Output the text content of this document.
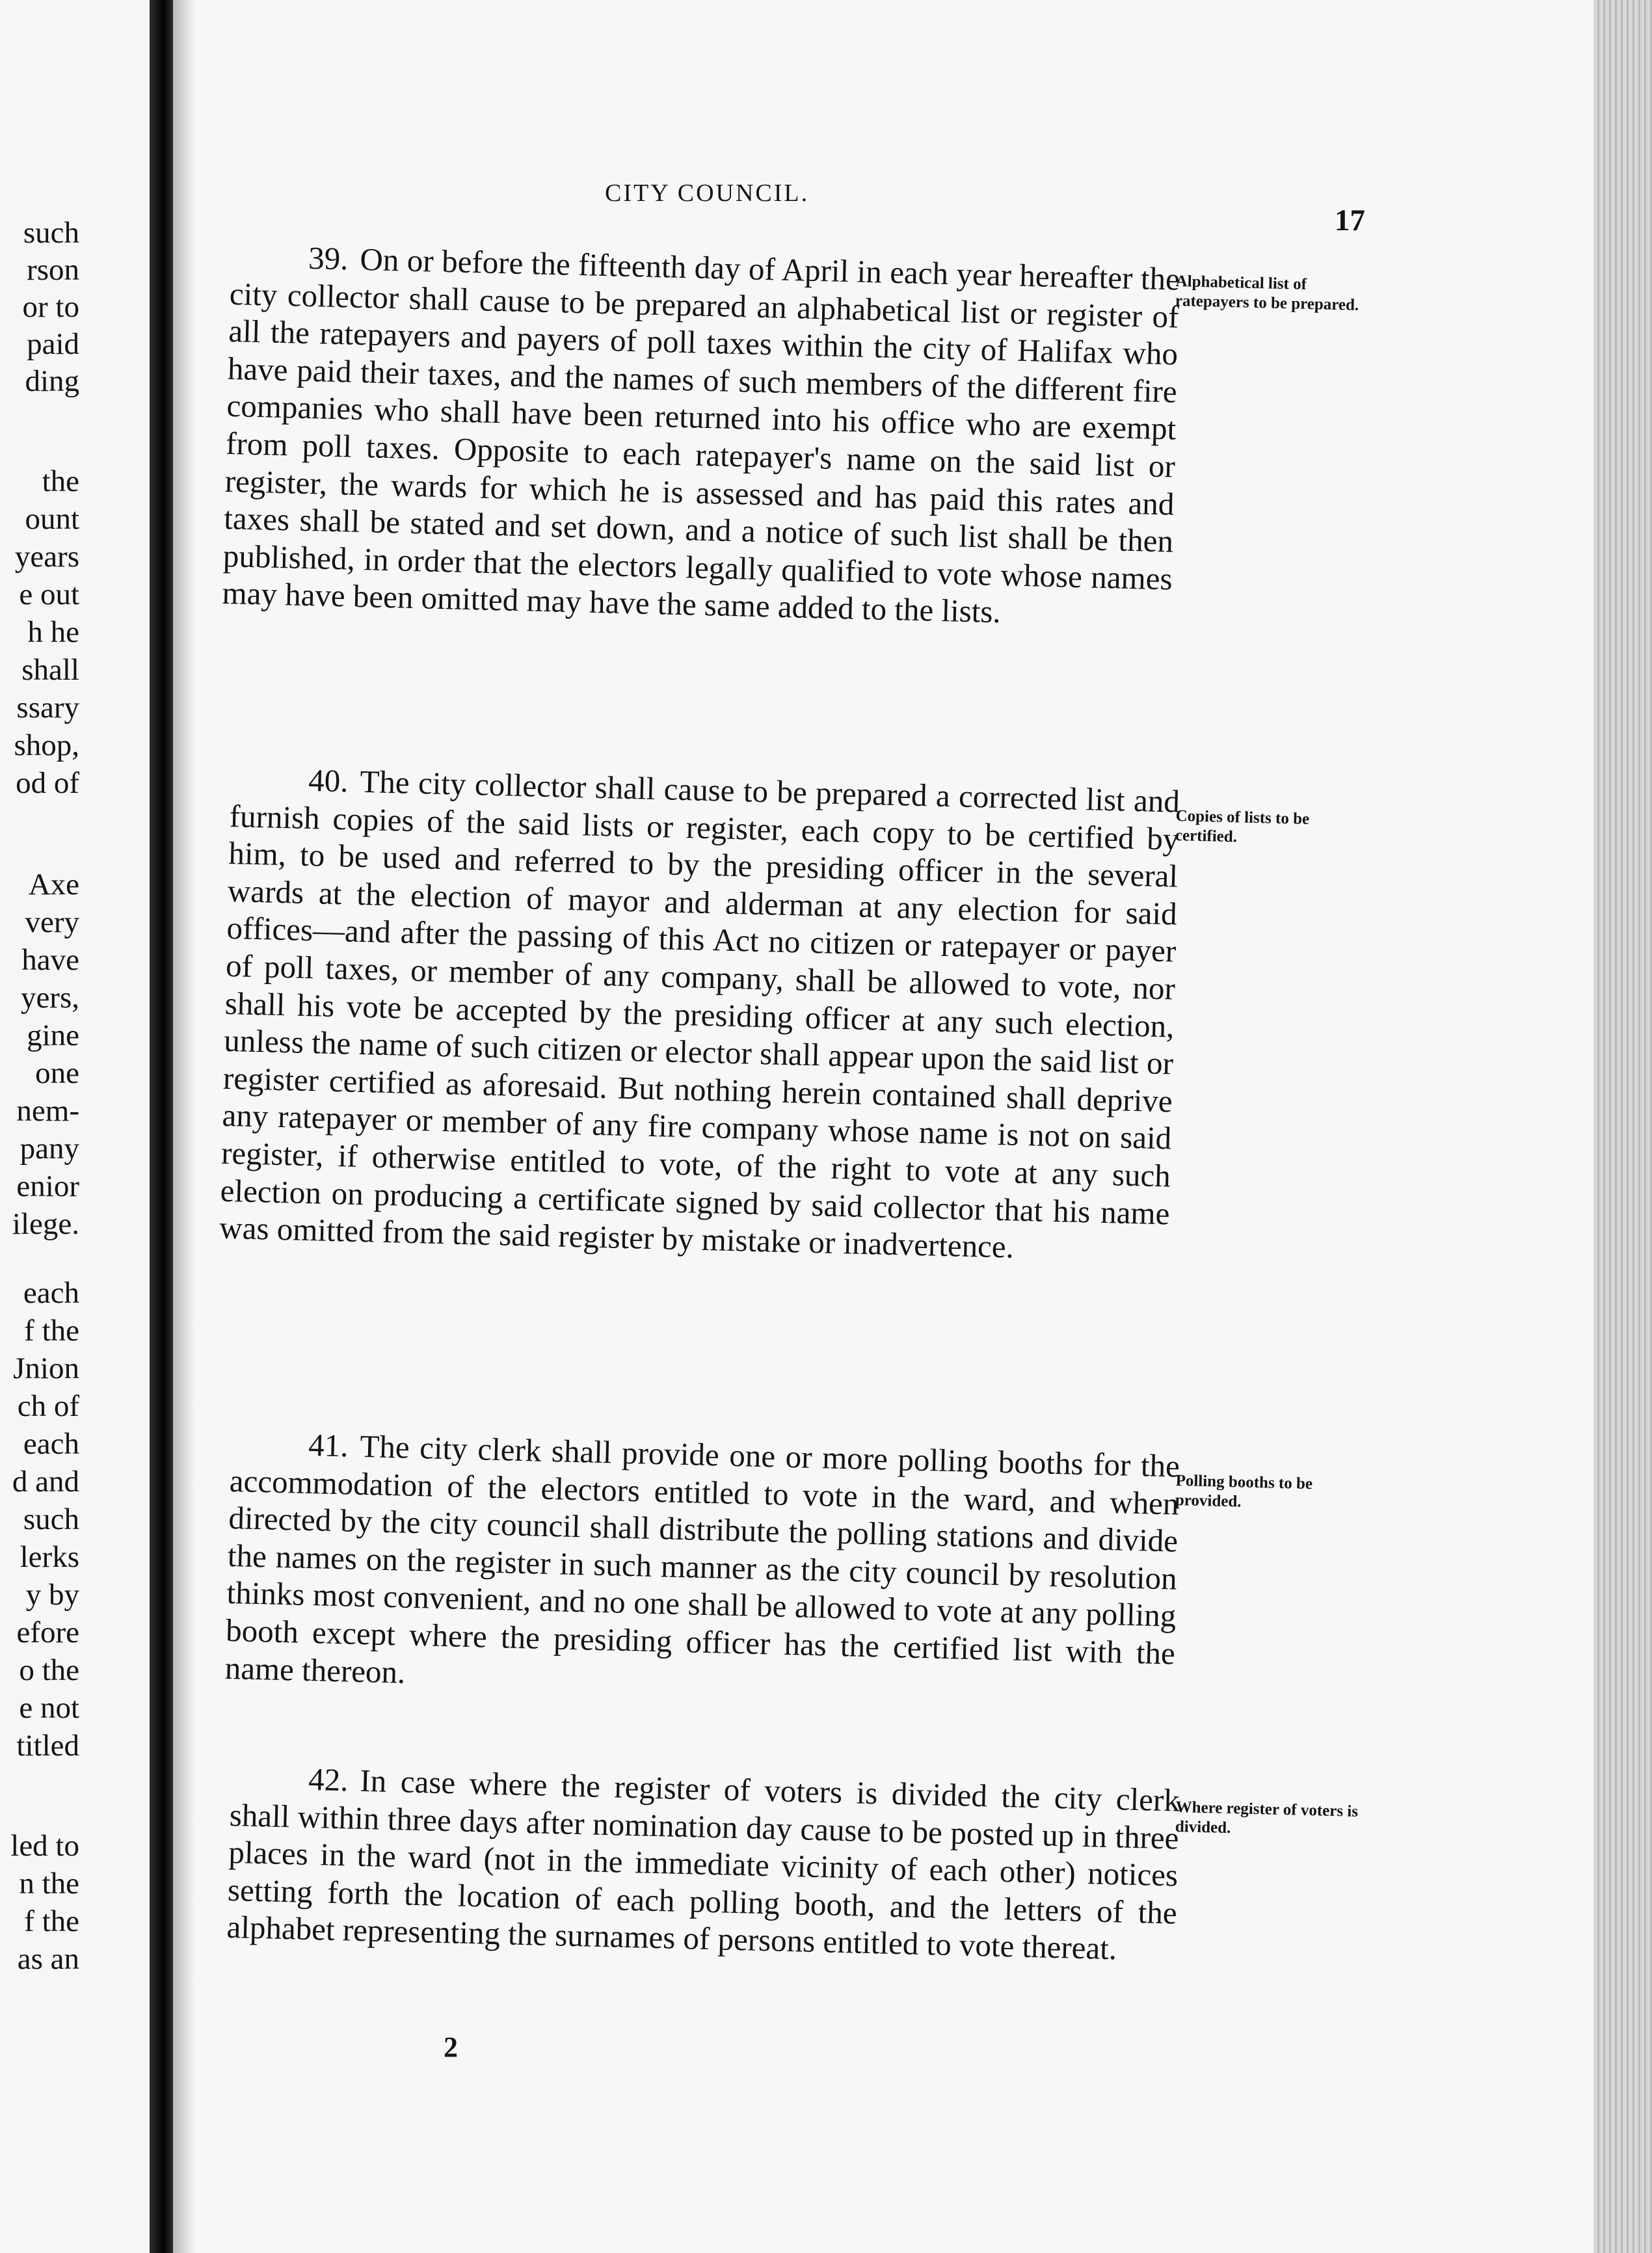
such
rson
or to
paid
ding
the
ount
years
e out
h he
shall
ssary
shop,
od of
Axe
very
have
yers,
gine
one
nem-
pany
enior
ilege.
each
f the
Jnion
ch of
each
d and
such
lerks
y by
efore
o the
e not
titled
led to
n the
f the
as an
CITY COUNCIL.
17
39. On or before the fifteenth day of April in each year hereafter the city collector shall cause to be prepared an alphabetical list or register of all the ratepayers and payers of poll taxes within the city of Halifax who have paid their taxes, and the names of such members of the different fire companies who shall have been returned into his office who are exempt from poll taxes. Opposite to each ratepayer's name on the said list or register, the wards for which he is assessed and has paid this rates and taxes shall be stated and set down, and a notice of such list shall be then published, in order that the electors legally qualified to vote whose names may have been omitted may have the same added to the lists.
Alphabetical list of ratepayers to be prepared.
40. The city collector shall cause to be prepared a corrected list and furnish copies of the said lists or register, each copy to be certified by him, to be used and referred to by the presiding officer in the several wards at the election of mayor and alderman at any election for said offices—and after the passing of this Act no citizen or ratepayer or payer of poll taxes, or member of any company, shall be allowed to vote, nor shall his vote be accepted by the presiding officer at any such election, unless the name of such citizen or elector shall appear upon the said list or register certified as aforesaid. But nothing herein contained shall deprive any ratepayer or member of any fire company whose name is not on said register, if otherwise entitled to vote, of the right to vote at any such election on producing a certificate signed by said collector that his name was omitted from the said register by mistake or inadvertence.
Copies of lists to be certified.
41. The city clerk shall provide one or more polling booths for the accommodation of the electors entitled to vote in the ward, and when directed by the city council shall distribute the polling stations and divide the names on the register in such manner as the city council by resolution thinks most convenient, and no one shall be allowed to vote at any polling booth except where the presiding officer has the certified list with the name thereon.
Polling booths to be provided.
42. In case where the register of voters is divided the city clerk shall within three days after nomination day cause to be posted up in three places in the ward (not in the immediate vicinity of each other) notices setting forth the location of each polling booth, and the letters of the alphabet representing the surnames of persons entitled to vote thereat.
Where register of voters is divided.
2
